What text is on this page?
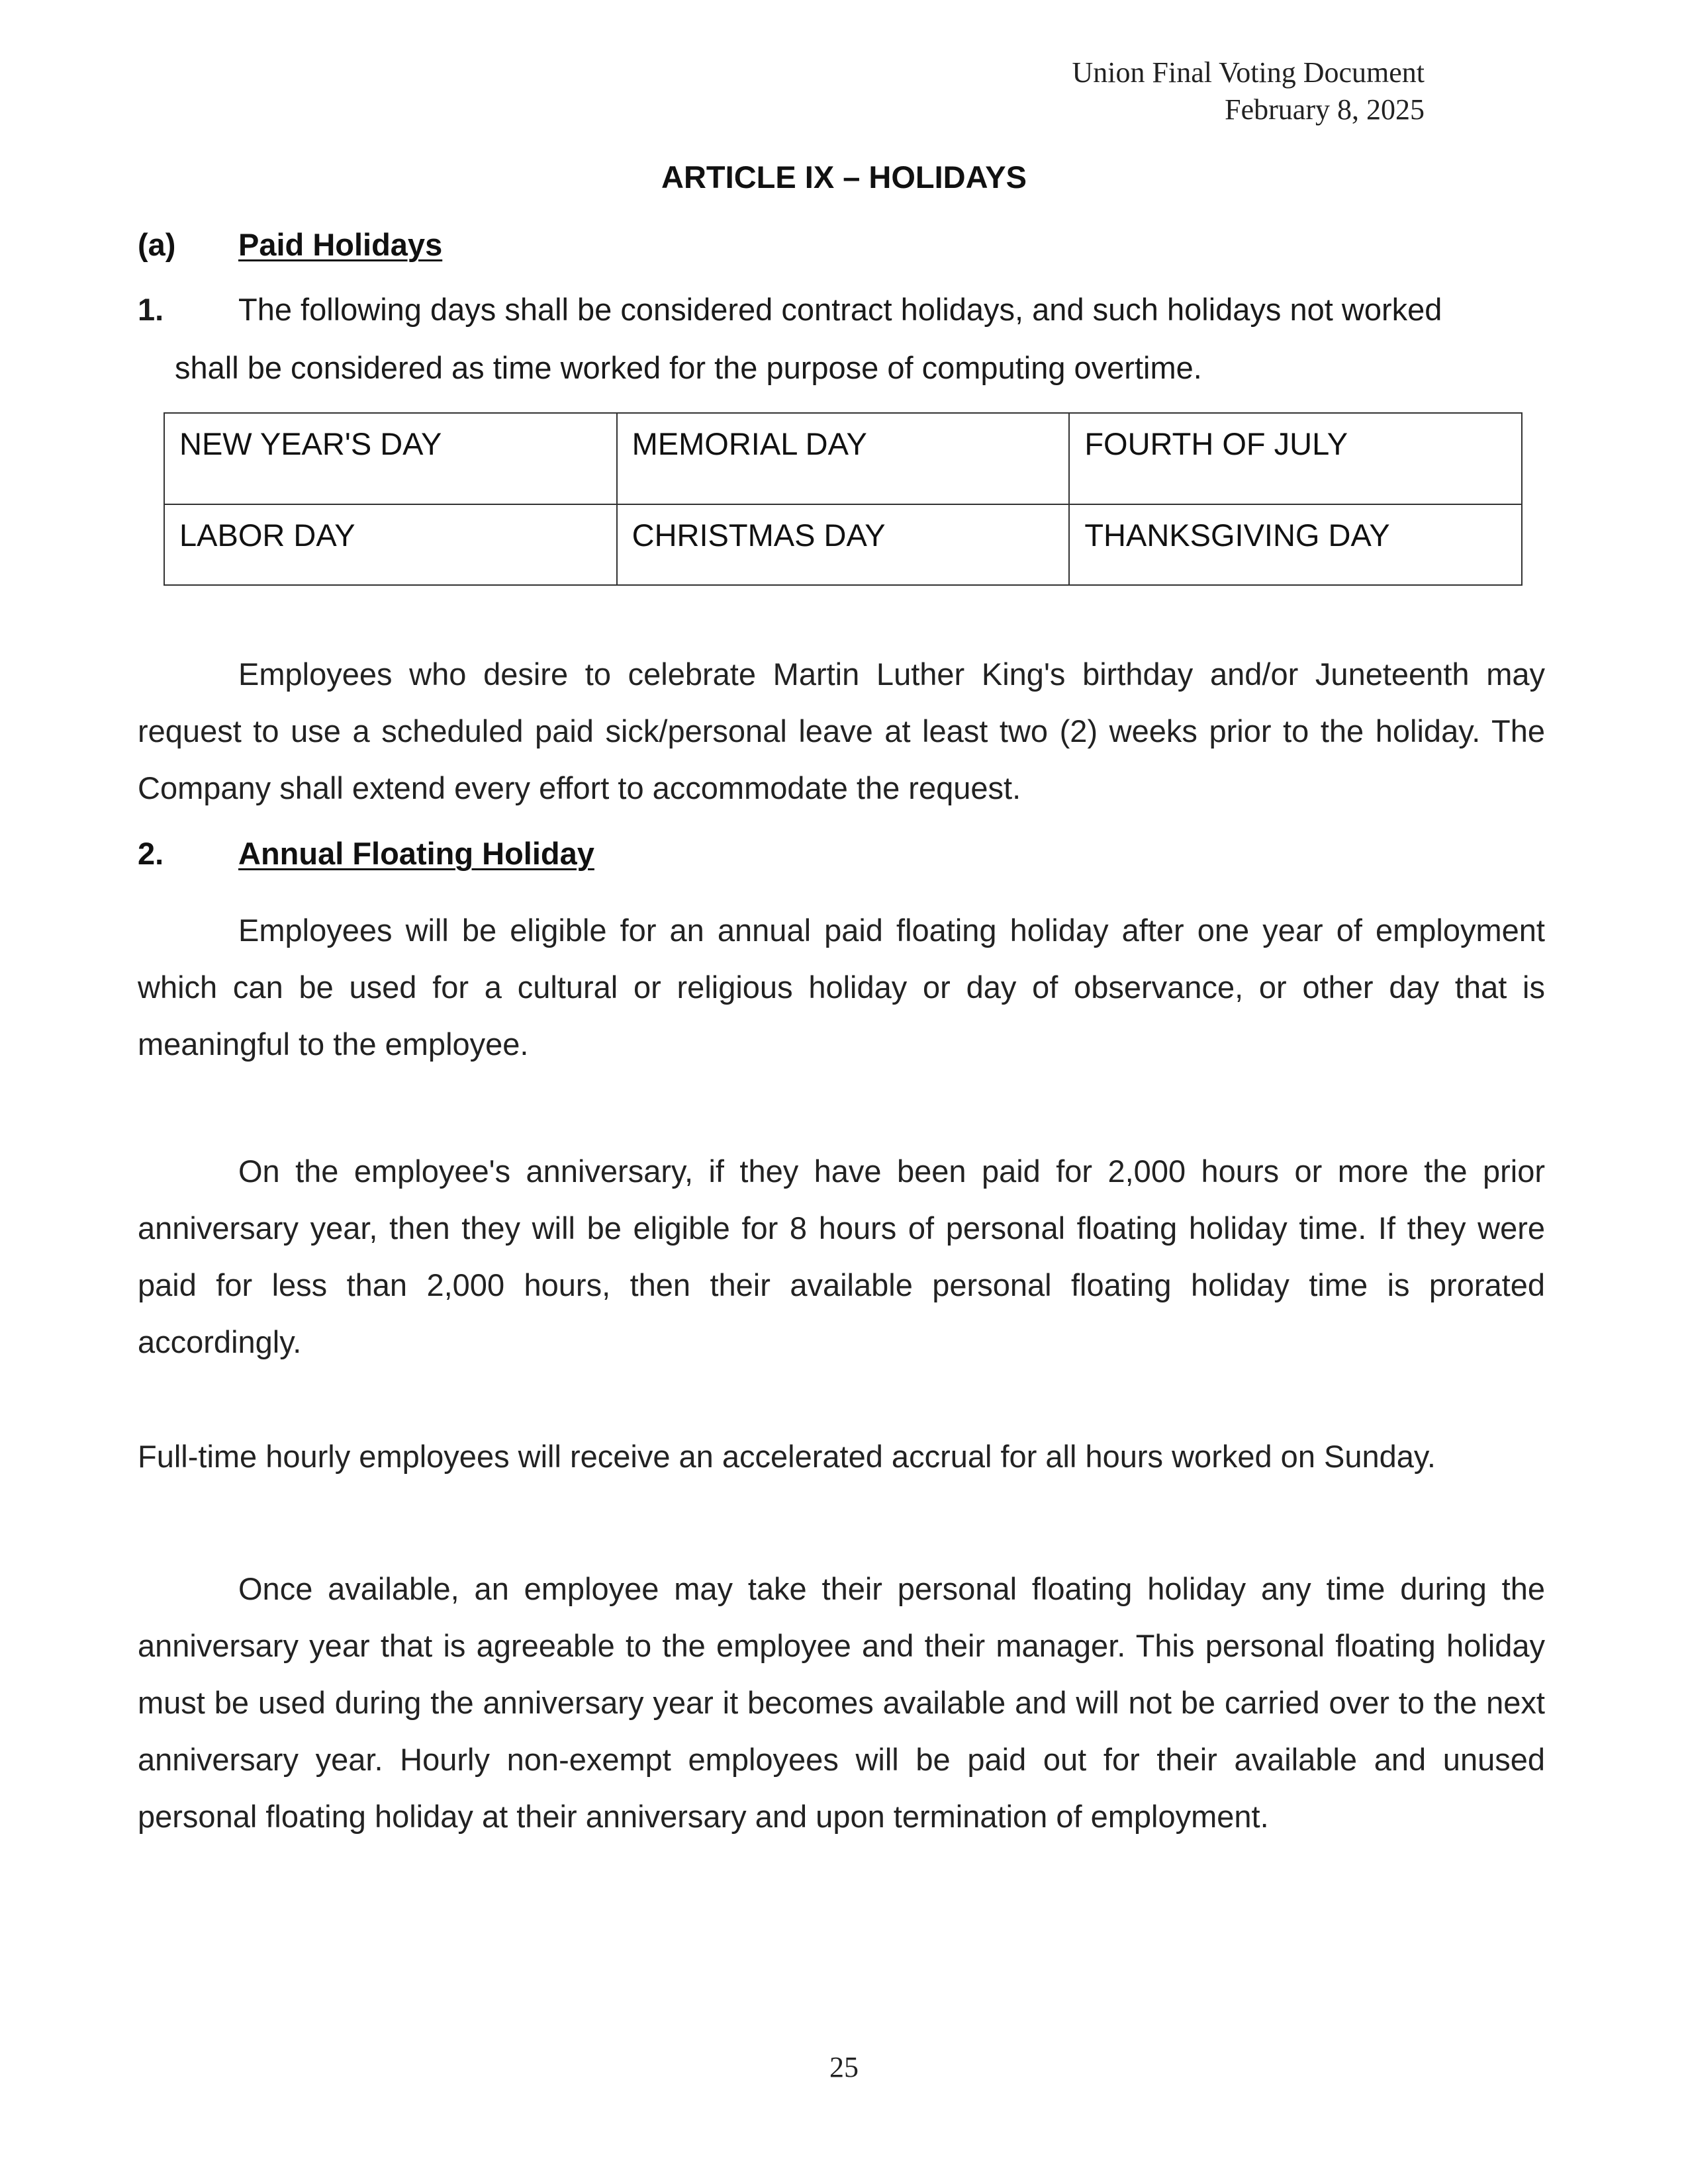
Union Final Voting Document
February 8, 2025
ARTICLE IX – HOLIDAYS
(a) Paid Holidays
1. The following days shall be considered contract holidays, and such holidays not worked
shall be considered as time worked for the purpose of computing overtime.
NEW YEAR'S DAY	MEMORIAL DAY	FOURTH OF JULY
LABOR DAY	CHRISTMAS DAY	THANKSGIVING DAY
Employees who desire to celebrate Martin Luther King's birthday and/or Juneteenth may request to use a scheduled paid sick/personal leave at least two (2) weeks prior to the holiday. The Company shall extend every effort to accommodate the request.
2. Annual Floating Holiday
Employees will be eligible for an annual paid floating holiday after one year of employment which can be used for a cultural or religious holiday or day of observance, or other day that is meaningful to the employee.
On the employee's anniversary, if they have been paid for 2,000 hours or more the prior anniversary year, then they will be eligible for 8 hours of personal floating holiday time. If they were paid for less than 2,000 hours, then their available personal floating holiday time is prorated accordingly.
Full-time hourly employees will receive an accelerated accrual for all hours worked on Sunday.
Once available, an employee may take their personal floating holiday any time during the anniversary year that is agreeable to the employee and their manager. This personal floating holiday must be used during the anniversary year it becomes available and will not be carried over to the next anniversary year. Hourly non-exempt employees will be paid out for their available and unused personal floating holiday at their anniversary and upon termination of employment.
25
